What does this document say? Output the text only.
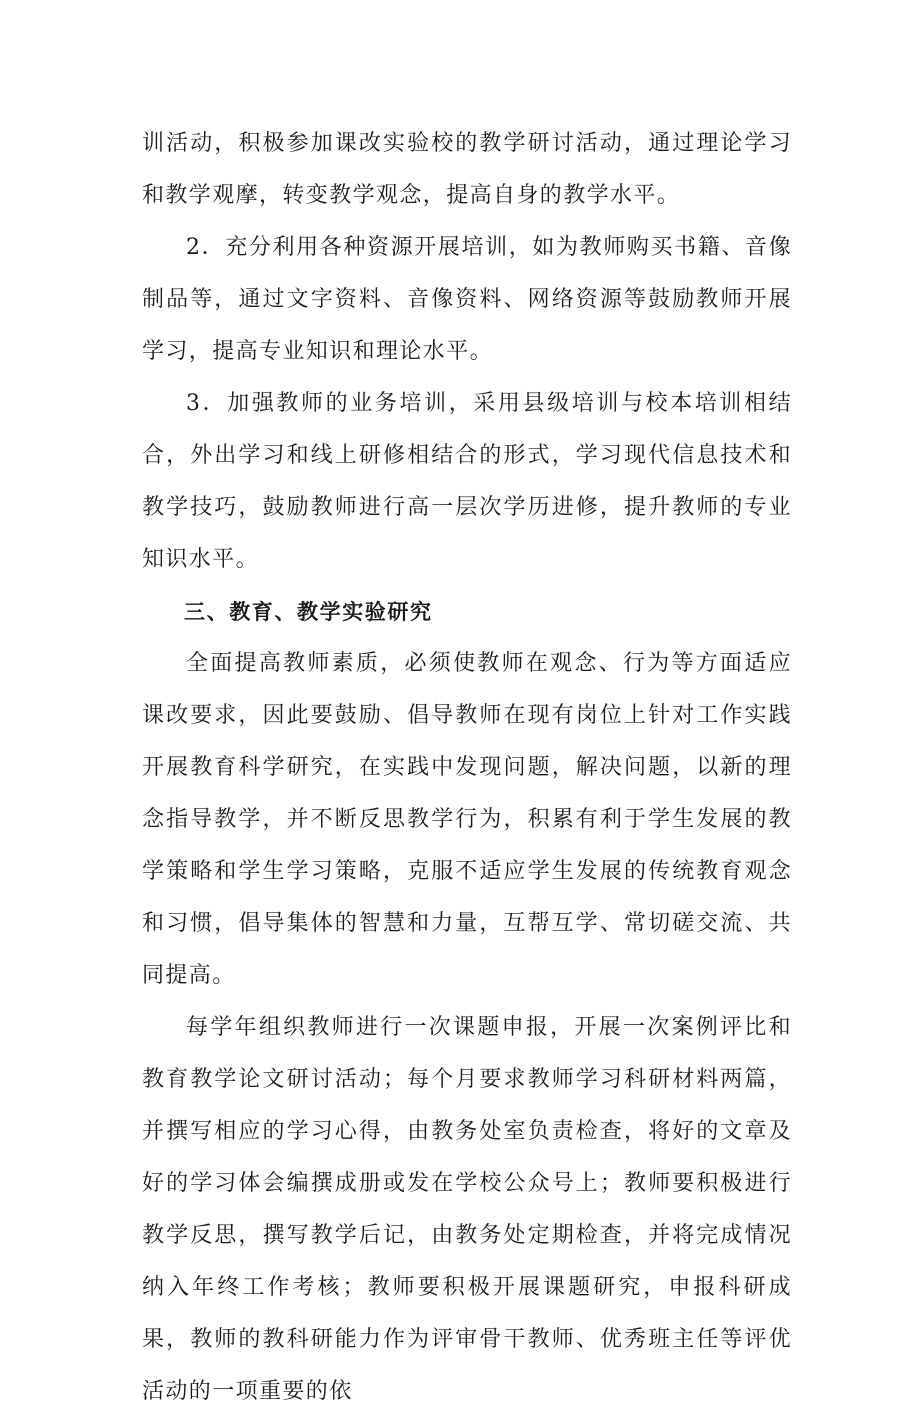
训活动，积极参加课改实验校的教学研讨活动，通过理论学习和教学观摩，转变教学观念，提高自身的教学水平。

2．充分利用各种资源开展培训，如为教师购买书籍、音像制品等，通过文字资料、音像资料、网络资源等鼓励教师开展学习，提高专业知识和理论水平。

3．加强教师的业务培训，采用县级培训与校本培训相结合，外出学习和线上研修相结合的形式，学习现代信息技术和教学技巧，鼓励教师进行高一层次学历进修，提升教师的专业知识水平。

三、教育、教学实验研究

全面提高教师素质，必须使教师在观念、行为等方面适应课改要求，因此要鼓励、倡导教师在现有岗位上针对工作实践开展教育科学研究，在实践中发现问题，解决问题，以新的理念指导教学，并不断反思教学行为，积累有利于学生发展的教学策略和学生学习策略，克服不适应学生发展的传统教育观念和习惯，倡导集体的智慧和力量，互帮互学、常切磋交流、共同提高。

每学年组织教师进行一次课题申报，开展一次案例评比和教育教学论文研讨活动；每个月要求教师学习科研材料两篇，并撰写相应的学习心得，由教务处室负责检查，将好的文章及好的学习体会编撰成册或发在学校公众号上；教师要积极进行教学反思，撰写教学后记，由教务处定期检查，并将完成情况纳入年终工作考核；教师要积极开展课题研究，申报科研成果，教师的教科研能力作为评审骨干教师、优秀班主任等评优活动的一项重要的依
